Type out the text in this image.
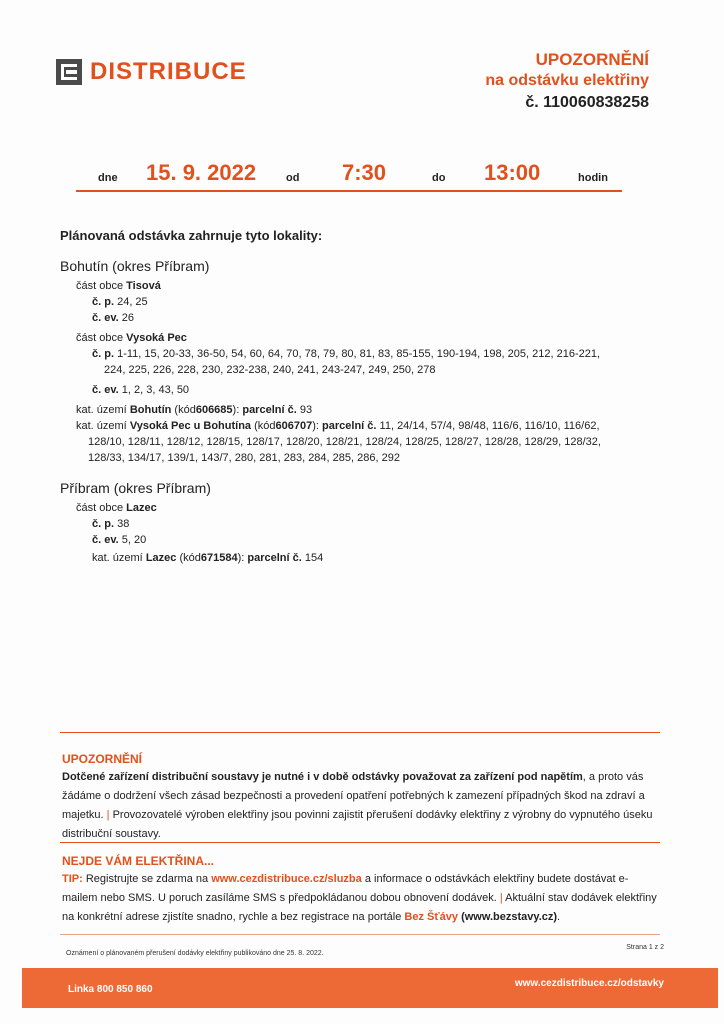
DISTRIBUCE	UPOZORNĚNÍ
na odstávku elektřiny
č. 110060838258
dne 15. 9. 2022	od 7:30	do 13:00	hodin
Plánovaná odstávka zahrnuje tyto lokality:
Bohutín (okres Příbram)
část obce Tisová
č. p. 24, 25
č. ev. 26
část obce Vysoká Pec
č. p. 1-11, 15, 20-33, 36-50, 54, 60, 64, 70, 78, 79, 80, 81, 83, 85-155, 190-194, 198, 205, 212, 216-221,
224, 225, 226, 228, 230, 232-238, 240, 241, 243-247, 249, 250, 278
č. ev. 1, 2, 3, 43, 50
kat. území Bohutín (kód606685): parcelní č. 93
kat. území Vysoká Pec u Bohutína (kód606707): parcelní č. 11, 24/14, 57/4, 98/48, 116/6, 116/10, 116/62,
128/10, 128/11, 128/12, 128/15, 128/17, 128/20, 128/21, 128/24, 128/25, 128/27, 128/28, 128/29, 128/32,
128/33, 134/17, 139/1, 143/7, 280, 281, 283, 284, 285, 286, 292
Příbram (okres Příbram)
část obce Lazec
č. p. 38
č. ev. 5, 20
kat. území Lazec (kód671584): parcelní č. 154
UPOZORNĚNÍ
Dotčené zařízení distribuční soustavy je nutné i v době odstávky považovat za zařízení pod napětím, a proto vás žádáme o dodržení všech zásad bezpečnosti a provedení opatření potřebných k zamezení případných škod na zdraví a majetku. | Provozovatelé výroben elektřiny jsou povinni zajistit přerušení dodávky elektřiny z výrobny do vypnutého úseku distribuční soustavy.
NEJDE VÁM ELEKTŘINA...
TIP: Registrujte se zdarma na www.cezdistribuce.cz/sluzba a informace o odstávkách elektřiny budete dostávat e-mailem nebo SMS. U poruch zasíláme SMS s předpokládanou dobou obnovení dodávek. | Aktuální stav dodávek elektřiny na konkrétní adrese zjistíte snadno, rychle a bez registrace na portále Bez Šťávy (www.bezstavy.cz).
Oznámení o plánovaném přerušení dodávky elektřiny publikováno dne 25. 8. 2022.
Strana 1 z 2
Linka 800 850 860
www.cezdistribuce.cz/odstavky
